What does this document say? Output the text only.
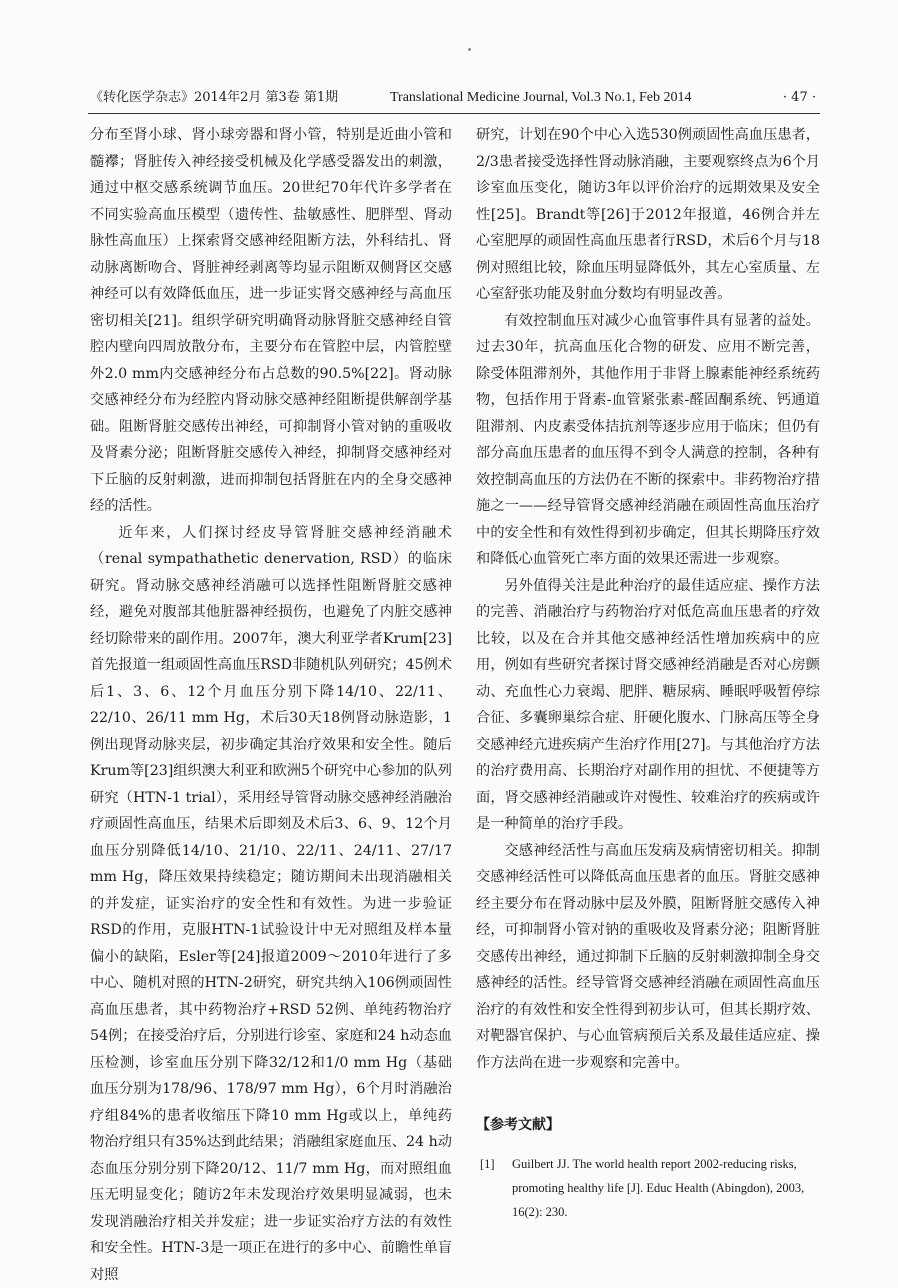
《转化医学杂志》2014年2月 第3卷 第1期	Translational Medicine Journal, Vol.3 No.1, Feb 2014	· 47 ·

分布至肾小球、肾小球旁器和肾小管，特别是近曲小管和髓襻；肾脏传入神经接受机械及化学感受器发出的刺激，通过中枢交感系统调节血压。20世纪70年代许多学者在不同实验高血压模型（遗传性、盐敏感性、肥胖型、肾动脉性高血压）上探索肾交感神经阻断方法，外科结扎、肾动脉离断吻合、肾脏神经剥离等均显示阻断双侧肾区交感神经可以有效降低血压，进一步证实肾交感神经与高血压密切相关[21]。组织学研究明确肾动脉肾脏交感神经自管腔内壁向四周放散分布，主要分布在管腔中层，内管腔壁外2.0 mm内交感神经分布占总数的90.5%[22]。肾动脉交感神经分布为经腔内肾动脉交感神经阻断提供解剖学基础。阻断肾脏交感传出神经，可抑制肾小管对钠的重吸收及肾素分泌；阻断肾脏交感传入神经，抑制肾交感神经对下丘脑的反射刺激，进而抑制包括肾脏在内的全身交感神经的活性。

近年来，人们探讨经皮导管肾脏交感神经消融术（renal sympathathetic denervation, RSD）的临床研究。肾动脉交感神经消融可以选择性阻断肾脏交感神经，避免对腹部其他脏器神经损伤，也避免了内脏交感神经切除带来的副作用。2007年，澳大利亚学者Krum[23]首先报道一组顽固性高血压RSD非随机队列研究；45例术后1、3、6、12个月血压分别下降14/10、22/11、22/10、26/11 mm Hg，术后30天18例肾动脉造影，1例出现肾动脉夹层，初步确定其治疗效果和安全性。随后Krum等[23]组织澳大利亚和欧洲5个研究中心参加的队列研究（HTN-1 trial），采用经导管肾动脉交感神经消融治疗顽固性高血压，结果术后即刻及术后3、6、9、12个月血压分别降低14/10、21/10、22/11、24/11、27/17 mm Hg，降压效果持续稳定；随访期间未出现消融相关的并发症，证实治疗的安全性和有效性。为进一步验证RSD的作用，克服HTN-1试验设计中无对照组及样本量偏小的缺陷，Esler等[24]报道2009～2010年进行了多中心、随机对照的HTN-2研究，研究共纳入106例顽固性高血压患者，其中药物治疗+RSD 52例、单纯药物治疗54例；在接受治疗后，分别进行诊室、家庭和24 h动态血压检测，诊室血压分别下降32/12和1/0 mm Hg（基础血压分别为178/96、178/97 mm Hg），6个月时消融治疗组84%的患者收缩压下降10 mm Hg或以上，单纯药物治疗组只有35%达到此结果；消融组家庭血压、24 h动态血压分别分别下降20/12、11/7 mm Hg，而对照组血压无明显变化；随访2年未发现治疗效果明显减弱，也未发现消融治疗相关并发症；进一步证实治疗方法的有效性和安全性。HTN-3是一项正在进行的多中心、前瞻性单盲对照

研究，计划在90个中心入选530例顽固性高血压患者，2/3患者接受选择性肾动脉消融，主要观察终点为6个月诊室血压变化，随访3年以评价治疗的远期效果及安全性[25]。Brandt等[26]于2012年报道，46例合并左心室肥厚的顽固性高血压患者行RSD，术后6个月与18例对照组比较，除血压明显降低外，其左心室质量、左心室舒张功能及射血分数均有明显改善。

有效控制血压对减少心血管事件具有显著的益处。过去30年，抗高血压化合物的研发、应用不断完善，除受体阻滞剂外，其他作用于非肾上腺素能神经系统药物，包括作用于肾素-血管紧张素-醛固酮系统、钙通道阻滞剂、内皮素受体拮抗剂等逐步应用于临床；但仍有部分高血压患者的血压得不到令人满意的控制，各种有效控制高血压的方法仍在不断的探索中。非药物治疗措施之一——经导管肾交感神经消融在顽固性高血压治疗中的安全性和有效性得到初步确定，但其长期降压疗效和降低心血管死亡率方面的效果还需进一步观察。

另外值得关注是此种治疗的最佳适应症、操作方法的完善、消融治疗与药物治疗对低危高血压患者的疗效比较，以及在合并其他交感神经活性增加疾病中的应用，例如有些研究者探讨肾交感神经消融是否对心房颤动、充血性心力衰竭、肥胖、糖尿病、睡眠呼吸暂停综合征、多囊卵巢综合症、肝硬化腹水、门脉高压等全身交感神经亢进疾病产生治疗作用[27]。与其他治疗方法的治疗费用高、长期治疗对副作用的担忧、不便捷等方面，肾交感神经消融或许对慢性、较难治疗的疾病或许是一种简单的治疗手段。

交感神经活性与高血压发病及病情密切相关。抑制交感神经活性可以降低高血压患者的血压。肾脏交感神经主要分布在肾动脉中层及外膜，阻断肾脏交感传入神经，可抑制肾小管对钠的重吸收及肾素分泌；阻断肾脏交感传出神经，通过抑制下丘脑的反射刺激抑制全身交感神经的活性。经导管肾交感神经消融在顽固性高血压治疗的有效性和安全性得到初步认可，但其长期疗效、对靶器官保护、与心血管病预后关系及最佳适应症、操作方法尚在进一步观察和完善中。

【参考文献】
[1] Guilbert JJ. The world health report 2002-reducing risks, promoting healthy life [J]. Educ Health (Abingdon), 2003, 16(2): 230.
